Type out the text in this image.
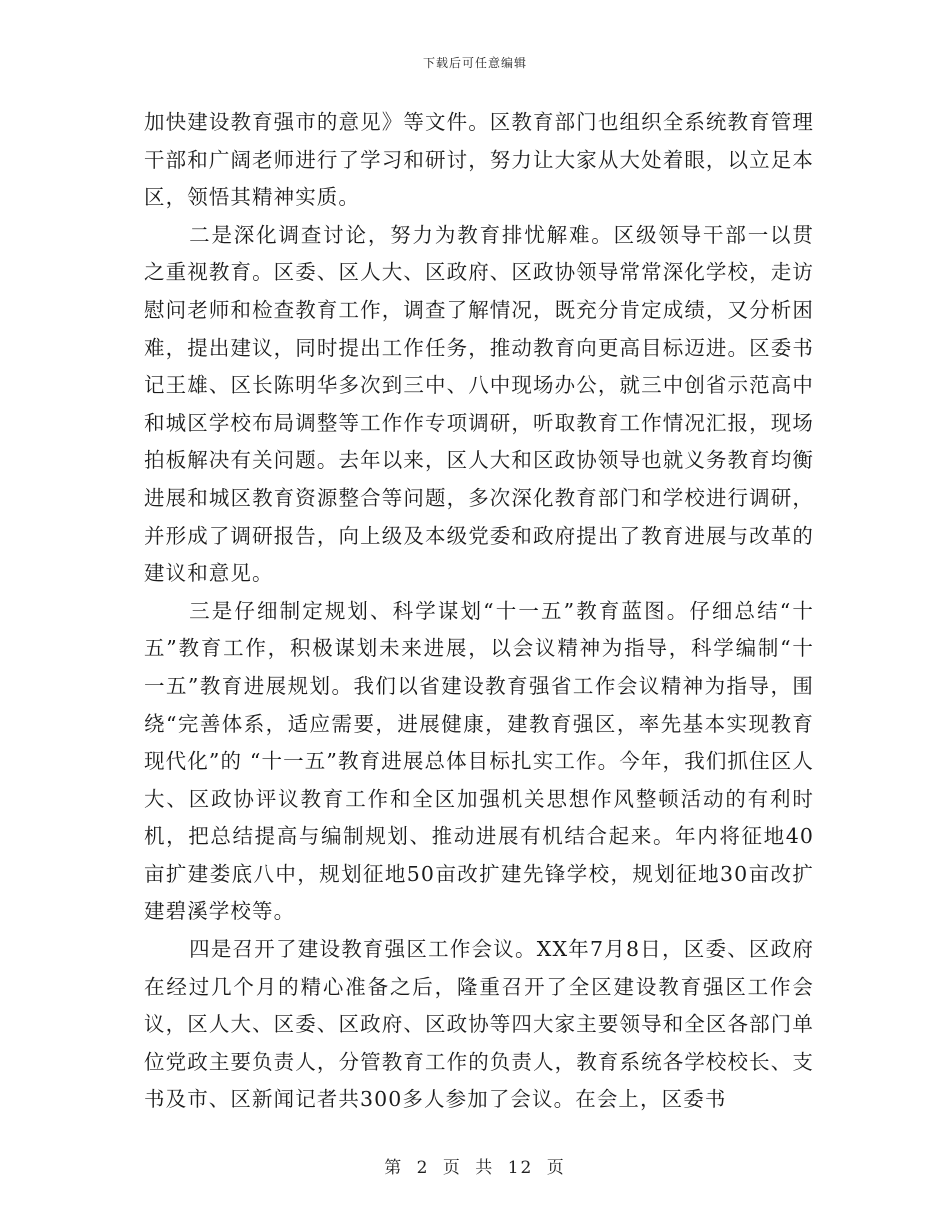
下载后可任意编辑

加快建设教育强市的意见》等文件。区教育部门也组织全系统教育管理干部和广阔老师进行了学习和研讨，努力让大家从大处着眼，以立足本区，领悟其精神实质。

二是深化调查讨论，努力为教育排忧解难。区级领导干部一以贯之重视教育。区委、区人大、区政府、区政协领导常常深化学校，走访慰问老师和检查教育工作，调查了解情况，既充分肯定成绩，又分析困难，提出建议，同时提出工作任务，推动教育向更高目标迈进。区委书记王雄、区长陈明华多次到三中、八中现场办公，就三中创省示范高中和城区学校布局调整等工作作专项调研，听取教育工作情况汇报，现场拍板解决有关问题。去年以来，区人大和区政协领导也就义务教育均衡进展和城区教育资源整合等问题，多次深化教育部门和学校进行调研，并形成了调研报告，向上级及本级党委和政府提出了教育进展与改革的建议和意见。

三是仔细制定规划、科学谋划“十一五”教育蓝图。仔细总结“十五”教育工作，积极谋划未来进展，以会议精神为指导，科学编制“十一五”教育进展规划。我们以省建设教育强省工作会议精神为指导，围绕“完善体系，适应需要，进展健康，建教育强区，率先基本实现教育现代化”的 “十一五”教育进展总体目标扎实工作。今年，我们抓住区人大、区政协评议教育工作和全区加强机关思想作风整顿活动的有利时机，把总结提高与编制规划、推动进展有机结合起来。年内将征地40亩扩建娄底八中，规划征地50亩改扩建先锋学校，规划征地30亩改扩建碧溪学校等。

四是召开了建设教育强区工作会议。XX年7月8日，区委、区政府在经过几个月的精心准备之后，隆重召开了全区建设教育强区工作会议，区人大、区委、区政府、区政协等四大家主要领导和全区各部门单位党政主要负责人，分管教育工作的负责人，教育系统各学校校长、支书及市、区新闻记者共300多人参加了会议。在会上，区委书

第 2 页 共 12 页
